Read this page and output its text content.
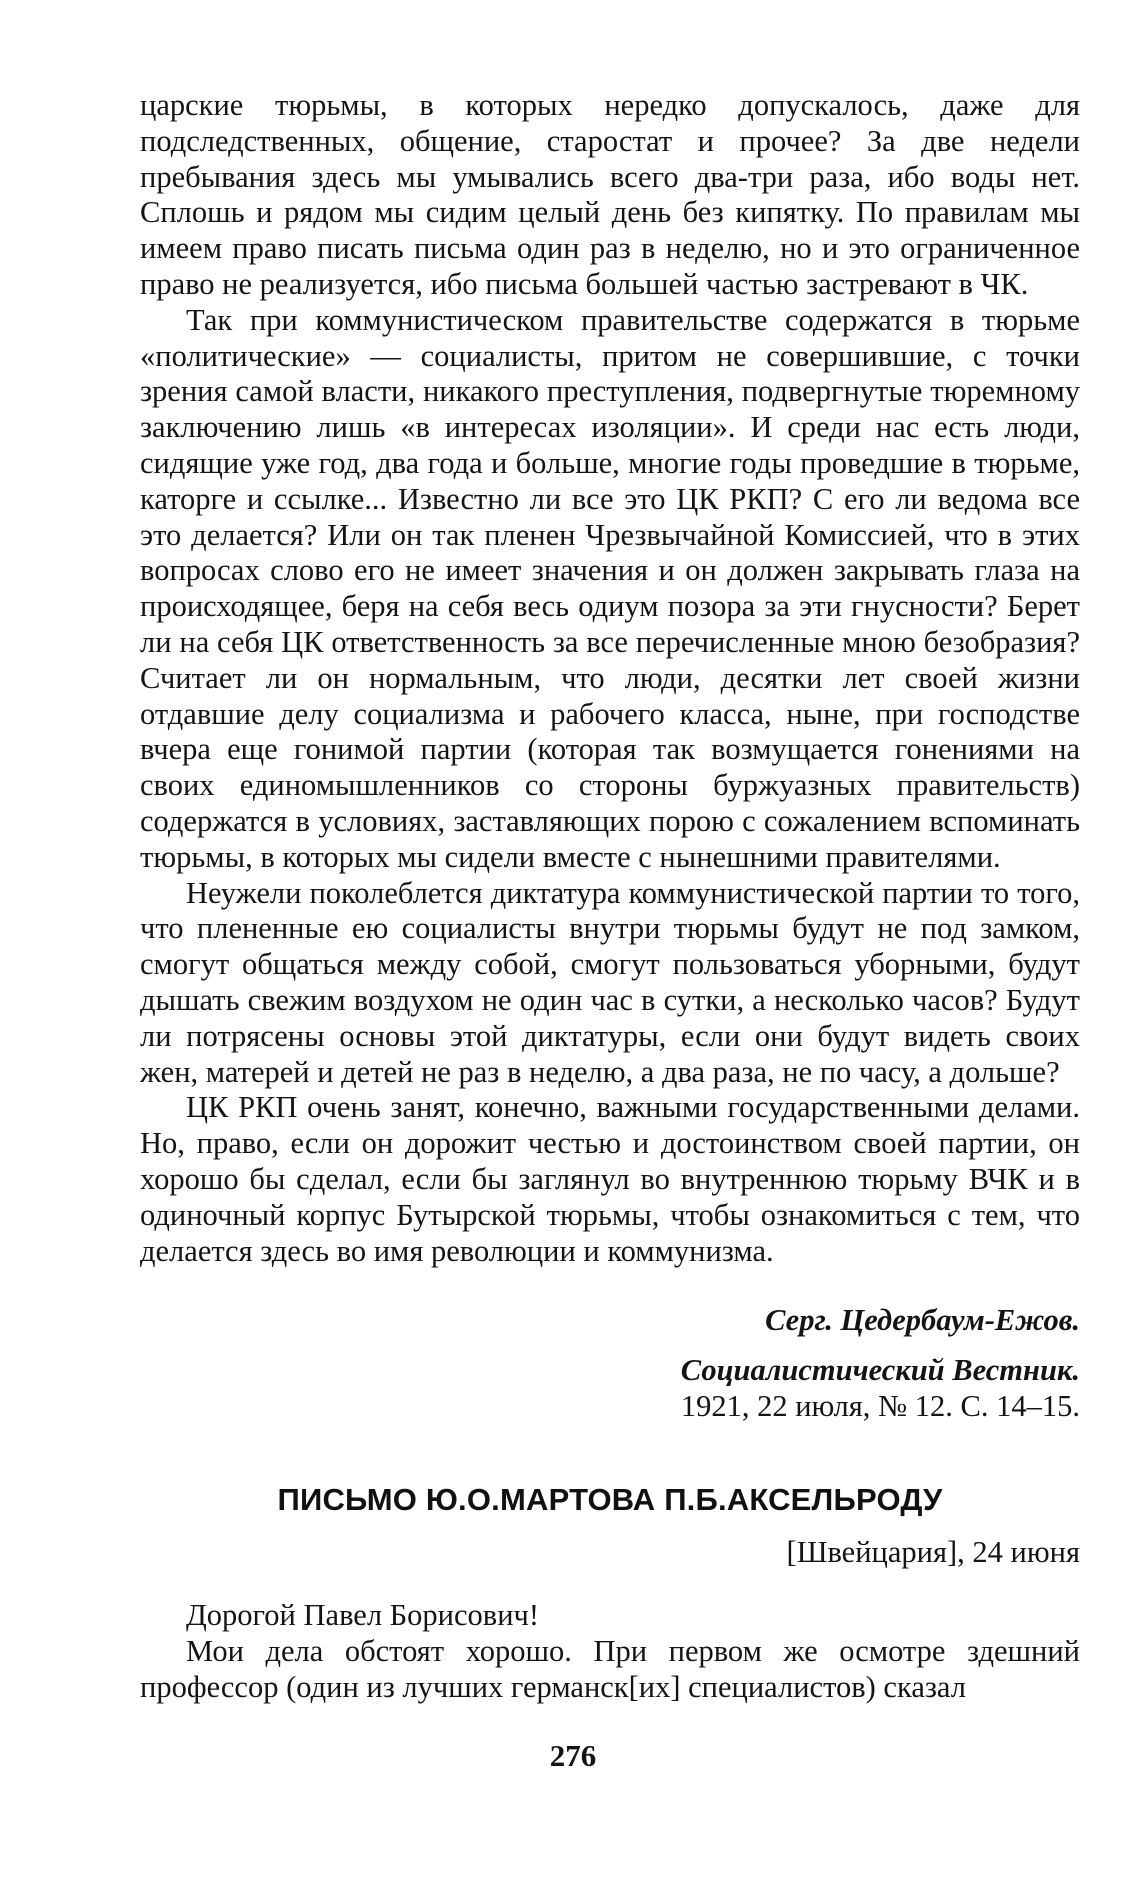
царские тюрьмы, в которых нередко допускалось, даже для подследственных, общение, старостат и прочее? За две недели пребывания здесь мы умывались всего два-три раза, ибо воды нет. Сплошь и рядом мы сидим целый день без кипятку. По правилам мы имеем право писать письма один раз в неделю, но и это ограниченное право не реализуется, ибо письма большей частью застревают в ЧК.

Так при коммунистическом правительстве содержатся в тюрьме «политические» — социалисты, притом не совершившие, с точки зрения самой власти, никакого преступления, подвергнутые тюремному заключению лишь «в интересах изоляции». И среди нас есть люди, сидящие уже год, два года и больше, многие годы проведшие в тюрьме, каторге и ссылке... Известно ли все это ЦК РКП? С его ли ведома все это делается? Или он так пленен Чрезвычайной Комиссией, что в этих вопросах слово его не имеет значения и он должен закрывать глаза на происходящее, беря на себя весь одиум позора за эти гнусности? Берет ли на себя ЦК ответственность за все перечисленные мною безобразия? Считает ли он нормальным, что люди, десятки лет своей жизни отдавшие делу социализма и рабочего класса, ныне, при господстве вчера еще гонимой партии (которая так возмущается гонениями на своих единомышленников со стороны буржуазных правительств) содержатся в условиях, заставляющих порою с сожалением вспоминать тюрьмы, в которых мы сидели вместе с нынешними правителями.

Неужели поколеблется диктатура коммунистической партии то того, что плененные ею социалисты внутри тюрьмы будут не под замком, смогут общаться между собой, смогут пользоваться уборными, будут дышать свежим воздухом не один час в сутки, а несколько часов? Будут ли потрясены основы этой диктатуры, если они будут видеть своих жен, матерей и детей не раз в неделю, а два раза, не по часу, а дольше?

ЦК РКП очень занят, конечно, важными государственными делами. Но, право, если он дорожит честью и достоинством своей партии, он хорошо бы сделал, если бы заглянул во внутреннюю тюрьму ВЧК и в одиночный корпус Бутырской тюрьмы, чтобы ознакомиться с тем, что делается здесь во имя революции и коммунизма.

Серг. Цедербаум-Ежов.
Социалистический Вестник.
1921, 22 июля, № 12. С. 14–15.
ПИСЬМО Ю.О.МАРТОВА П.Б.АКСЕЛЬРОДУ
[Швейцария], 24 июня

Дорогой Павел Борисович!

Мои дела обстоят хорошо. При первом же осмотре здешний профессор (один из лучших германск[их] специалистов) сказал

276
